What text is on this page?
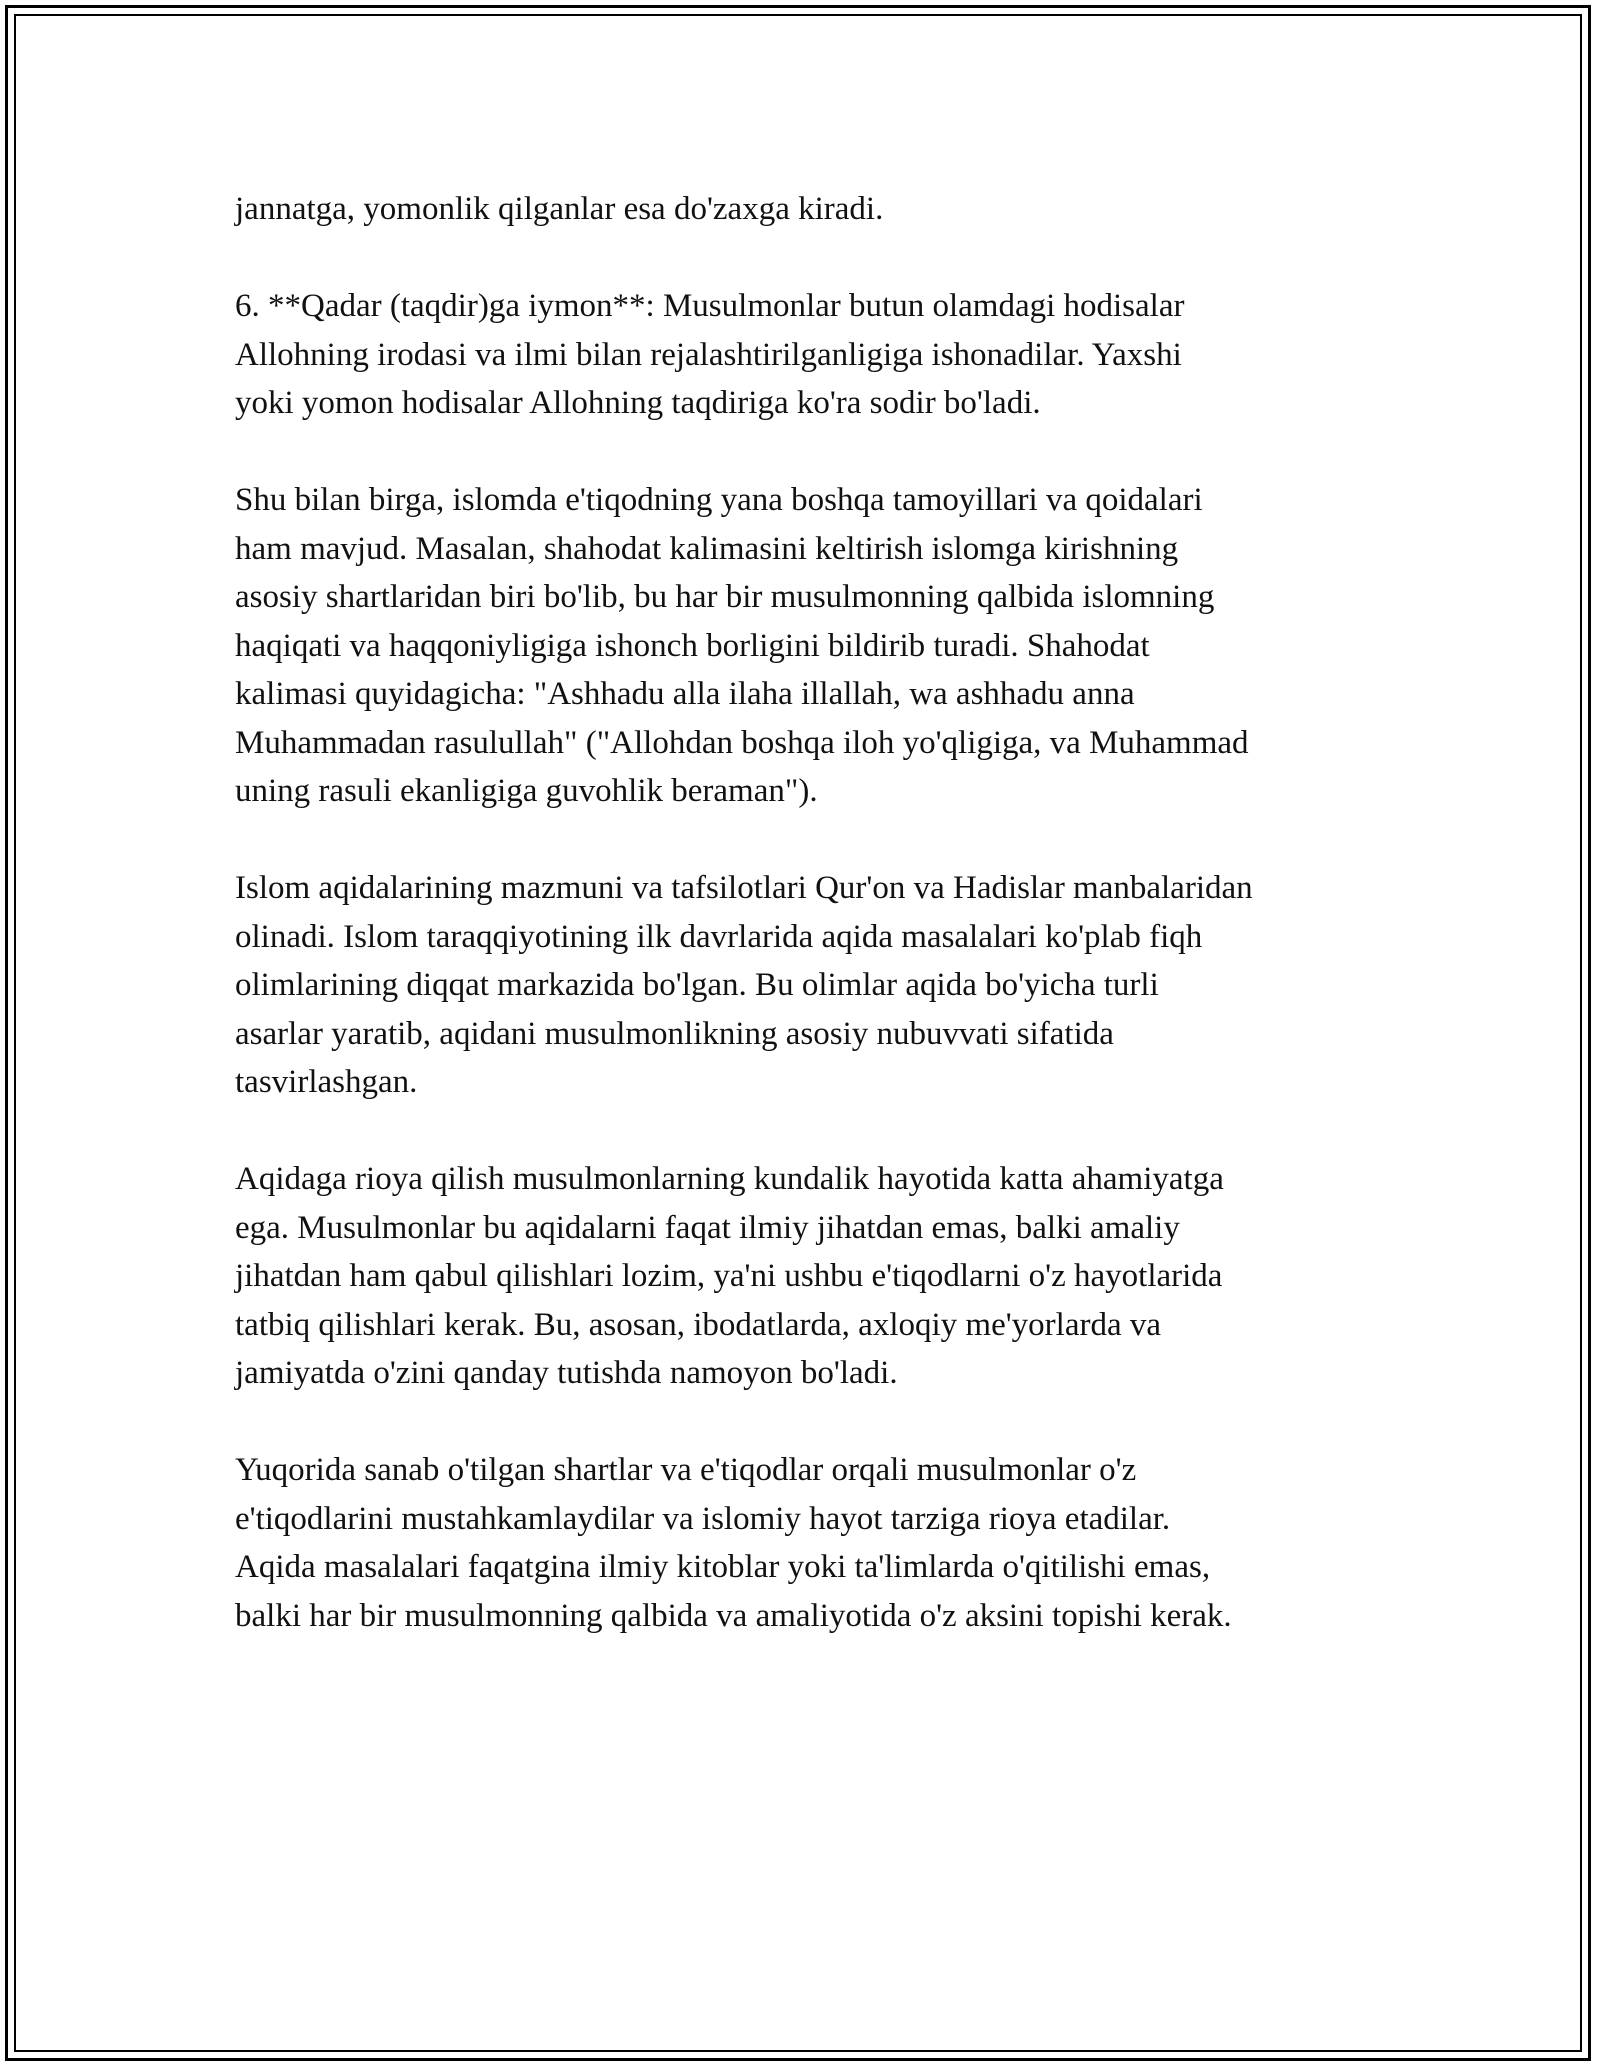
jannatga, yomonlik qilganlar esa do'zaxga kiradi.

6. **Qadar (taqdir)ga iymon**: Musulmonlar butun olamdagi hodisalar
Allohning irodasi va ilmi bilan rejalashtirilganligiga ishonadilar. Yaxshi
yoki yomon hodisalar Allohning taqdiriga ko'ra sodir bo'ladi.

Shu bilan birga, islomda e'tiqodning yana boshqa tamoyillari va qoidalari
ham mavjud. Masalan, shahodat kalimasini keltirish islomga kirishning
asosiy shartlaridan biri bo'lib, bu har bir musulmonning qalbida islomning
haqiqati va haqqoniyligiga ishonch borligini bildirib turadi. Shahodat
kalimasi quyidagicha: "Ashhadu alla ilaha illallah, wa ashhadu anna
Muhammadan rasulullah" ("Allohdan boshqa iloh yo'qligiga, va Muhammad
uning rasuli ekanligiga guvohlik beraman").

Islom aqidalarining mazmuni va tafsilotlari Qur'on va Hadislar manbalaridan
olinadi. Islom taraqqiyotining ilk davrlarida aqida masalalari ko'plab fiqh
olimlarining diqqat markazida bo'lgan. Bu olimlar aqida bo'yicha turli
asarlar yaratib, aqidani musulmonlikning asosiy nubuvvati sifatida
tasvirlashgan.

Aqidaga rioya qilish musulmonlarning kundalik hayotida katta ahamiyatga
ega. Musulmonlar bu aqidalarni faqat ilmiy jihatdan emas, balki amaliy
jihatdan ham qabul qilishlari lozim, ya'ni ushbu e'tiqodlarni o'z hayotlarida
tatbiq qilishlari kerak. Bu, asosan, ibodatlarda, axloqiy me'yorlarda va
jamiyatda o'zini qanday tutishda namoyon bo'ladi.

Yuqorida sanab o'tilgan shartlar va e'tiqodlar orqali musulmonlar o'z
e'tiqodlarini mustahkamlaydilar va islomiy hayot tarziga rioya etadilar.
Aqida masalalari faqatgina ilmiy kitoblar yoki ta'limlarda o'qitilishi emas,
balki har bir musulmonning qalbida va amaliyotida o'z aksini topishi kerak.
